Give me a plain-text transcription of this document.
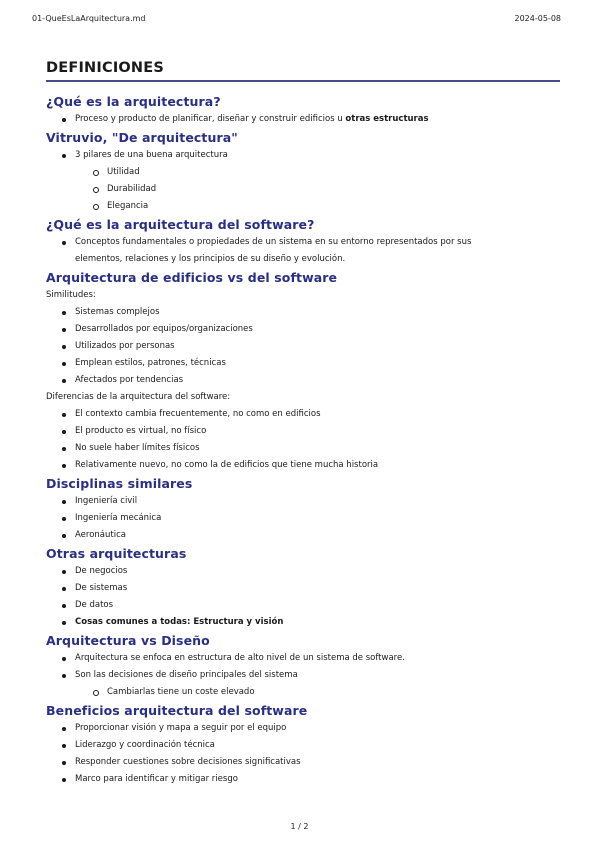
01-QueEsLaArquitectura.md	2024-05-08
DEFINICIONES
¿Qué es la arquitectura?
Proceso y producto de planificar, diseñar y construir edificios u otras estructuras
Vitruvio, "De arquitectura"
3 pilares de una buena arquitectura
Utilidad
Durabilidad
Elegancia
¿Qué es la arquitectura del software?
Conceptos fundamentales o propiedades de un sistema en su entorno representados por sus
elementos, relaciones y los principios de su diseño y evolución.
Arquitectura de edificios vs del software

Similitudes:

Sistemas complejos
Desarrollados por equipos/organizaciones
Utilizados por personas
Emplean estilos, patrones, técnicas
Afectados por tendencias

Diferencias de la arquitectura del software:

El contexto cambia frecuentemente, no como en edificios
El producto es virtual, no físico
No suele haber límites físicos
Relativamente nuevo, no como la de edificios que tiene mucha historia
Disciplinas similares
Ingeniería civil
Ingeniería mecánica
Aeronáutica
Otras arquitecturas
De negocios
De sistemas
De datos
Cosas comunes a todas: Estructura y visión
Arquitectura vs Diseño
Arquitectura se enfoca en estructura de alto nivel de un sistema de software.
Son las decisiones de diseño principales del sistema
Cambiarlas tiene un coste elevado
Beneficios arquitectura del software
Proporcionar visión y mapa a seguir por el equipo
Liderazgo y coordinación técnica
Responder cuestiones sobre decisiones significativas
Marco para identificar y mitigar riesgo
1 / 2
